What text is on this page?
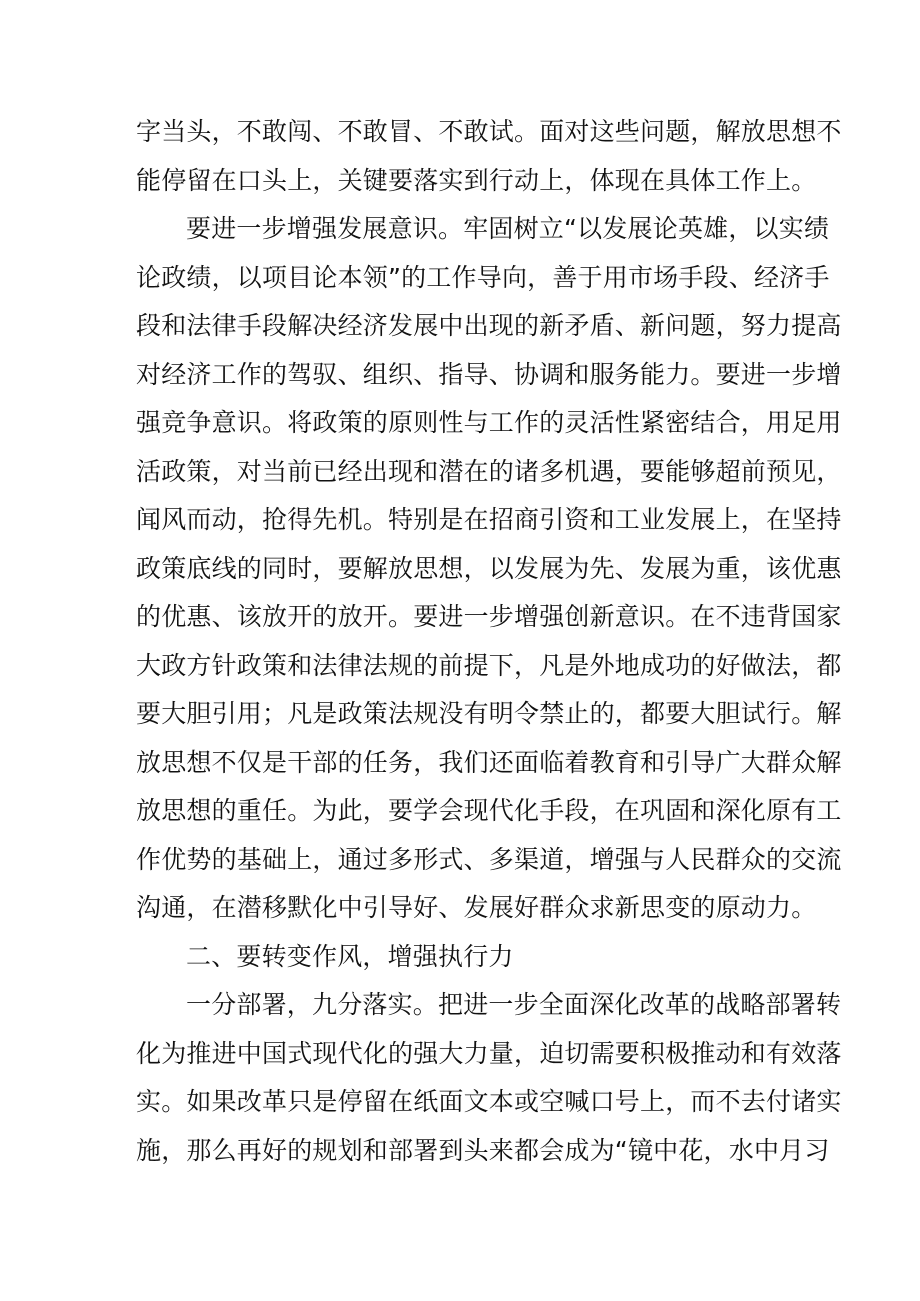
字当头，不敢闯、不敢冒、不敢试。面对这些问题，解放思想不
能停留在口头上，关键要落实到行动上，体现在具体工作上。
要进一步增强发展意识。牢固树立“以发展论英雄，以实绩
论政绩，以项目论本领”的工作导向，善于用市场手段、经济手
段和法律手段解决经济发展中出现的新矛盾、新问题，努力提高
对经济工作的驾驭、组织、指导、协调和服务能力。要进一步增
强竞争意识。将政策的原则性与工作的灵活性紧密结合，用足用
活政策，对当前已经出现和潜在的诸多机遇，要能够超前预见，
闻风而动，抢得先机。特别是在招商引资和工业发展上，在坚持
政策底线的同时，要解放思想，以发展为先、发展为重，该优惠
的优惠、该放开的放开。要进一步增强创新意识。在不违背国家
大政方针政策和法律法规的前提下，凡是外地成功的好做法，都
要大胆引用；凡是政策法规没有明令禁止的，都要大胆试行。解
放思想不仅是干部的任务，我们还面临着教育和引导广大群众解
放思想的重任。为此，要学会现代化手段，在巩固和深化原有工
作优势的基础上，通过多形式、多渠道，增强与人民群众的交流
沟通，在潜移默化中引导好、发展好群众求新思变的原动力。
二、要转变作风，增强执行力
一分部署，九分落实。把进一步全面深化改革的战略部署转
化为推进中国式现代化的强大力量，迫切需要积极推动和有效落
实。如果改革只是停留在纸面文本或空喊口号上，而不去付诸实
施，那么再好的规划和部署到头来都会成为“镜中花，水中月习
